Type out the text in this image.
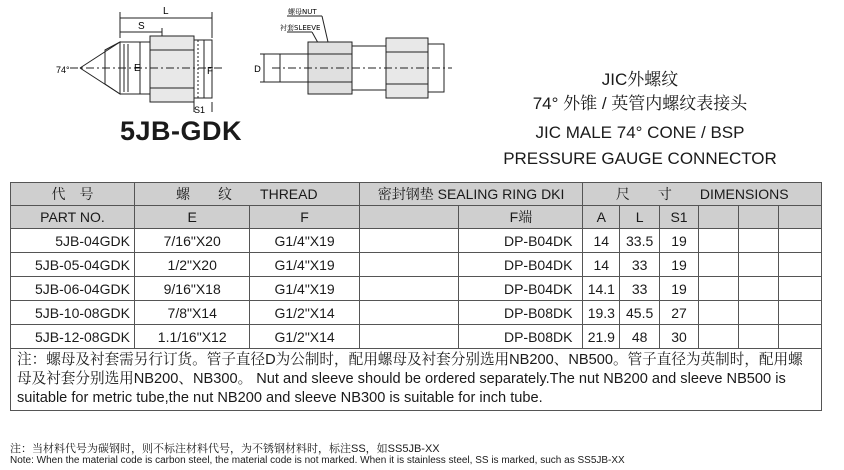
L
S
E	F
74°
S1
螺母NUT
衬套SLEEVE
D
5JB-GDK
JIC外螺纹
74° 外锥 / 英管内螺纹表接头
JIC MALE 74° CONE / BSP
PRESSURE GAUGE CONNECTOR
代　号	螺　　纹　　THREAD		密封钢垫 SEALING RING DKI		尺　　寸　　DIMENSIONS					
PART NO.	E	F		F端	A	L	S1			
5JB-04GDK	7/16"X20	G1/4"X19		DP-B04DK	14	33.5	19			
5JB-05-04GDK	1/2"X20	G1/4"X19		DP-B04DK	14	33	19			
5JB-06-04GDK	9/16"X18	G1/4"X19		DP-B04DK	14.1	33	19			
5JB-10-08GDK	7/8"X14	G1/2"X14		DP-B08DK	19.3	45.5	27			
5JB-12-08GDK	1.1/16"X12	G1/2"X14		DP-B08DK	21.9	48	30			
注：螺母及衬套需另行订货。管子直径D为公制时，配用螺母及衬套分别选用NB200、NB500。管子直径为英制时，配用螺母及衬套分别选用NB200、NB300。 Nut and sleeve should be ordered separately.The nut NB200 and sleeve NB500 is suitable for metric tube,the nut NB200 and sleeve NB300 is suitable for inch tube.										
注：当材料代号为碳钢时，则不标注材料代号，为不锈钢材料时，标注SS，如SS5JB-XX
Note: When the material code is carbon steel, the material code is not marked. When it is stainless steel, SS is marked, such as SS5JB-XX
